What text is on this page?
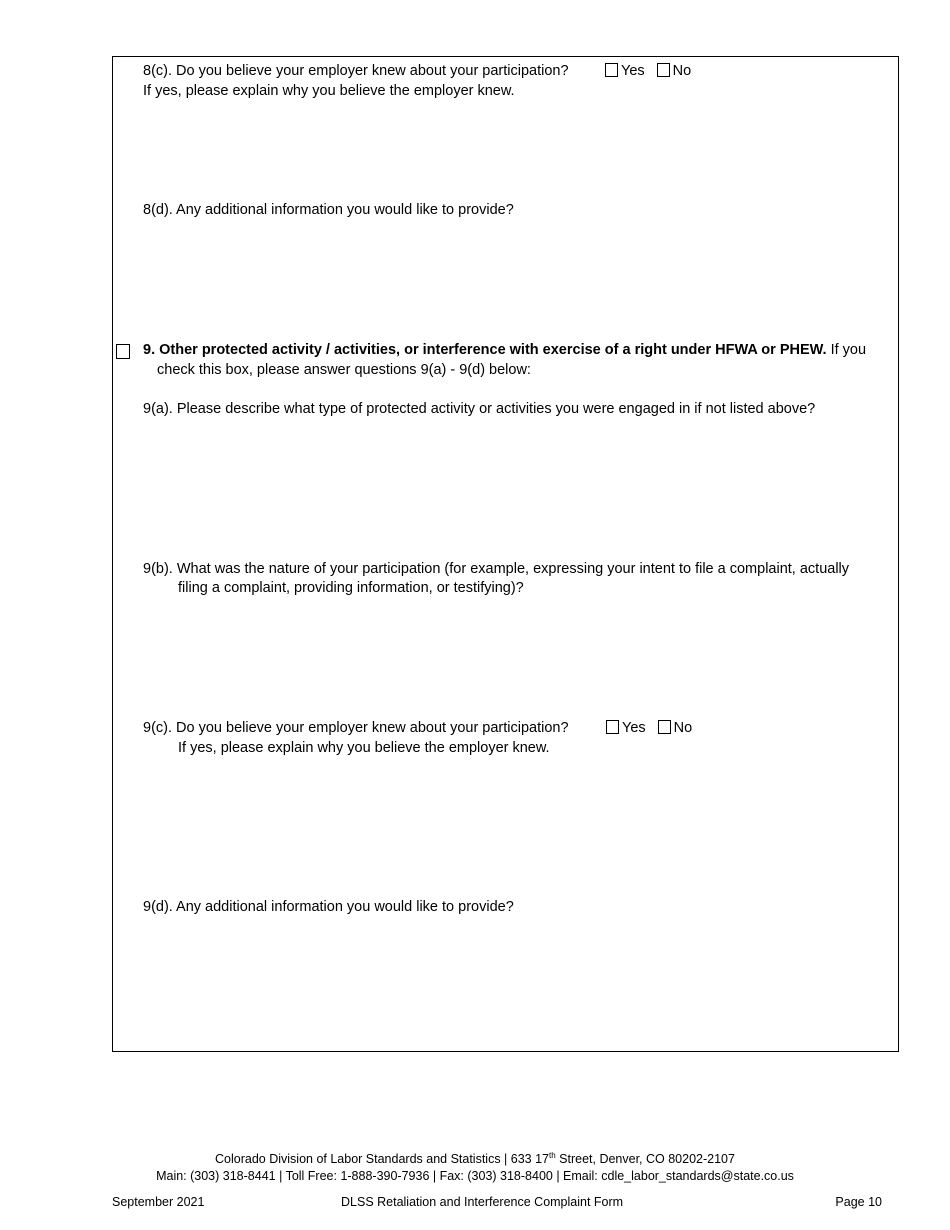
8(c). Do you believe your employer knew about your participation?	Yes No
If yes, please explain why you believe the employer knew.
8(d). Any additional information you would like to provide?
9. Other protected activity / activities, or interference with exercise of a right under HFWA or PHEW. If you
check this box, please answer questions 9(a) - 9(d) below:
9(a). Please describe what type of protected activity or activities you were engaged in if not listed above?
9(b). What was the nature of your participation (for example, expressing your intent to file a complaint, actually
filing a complaint, providing information, or testifying)?
9(c). Do you believe your employer knew about your participation?	Yes No
If yes, please explain why you believe the employer knew.
9(d). Any additional information you would like to provide?
Colorado Division of Labor Standards and Statistics | 633 17th Street, Denver, CO 80202-2107
Main: (303) 318-8441 | Toll Free: 1-888-390-7936 | Fax: (303) 318-8400 | Email: cdle_labor_standards@state.co.us
September 2021	DLSS Retaliation and Interference Complaint Form	Page 10
